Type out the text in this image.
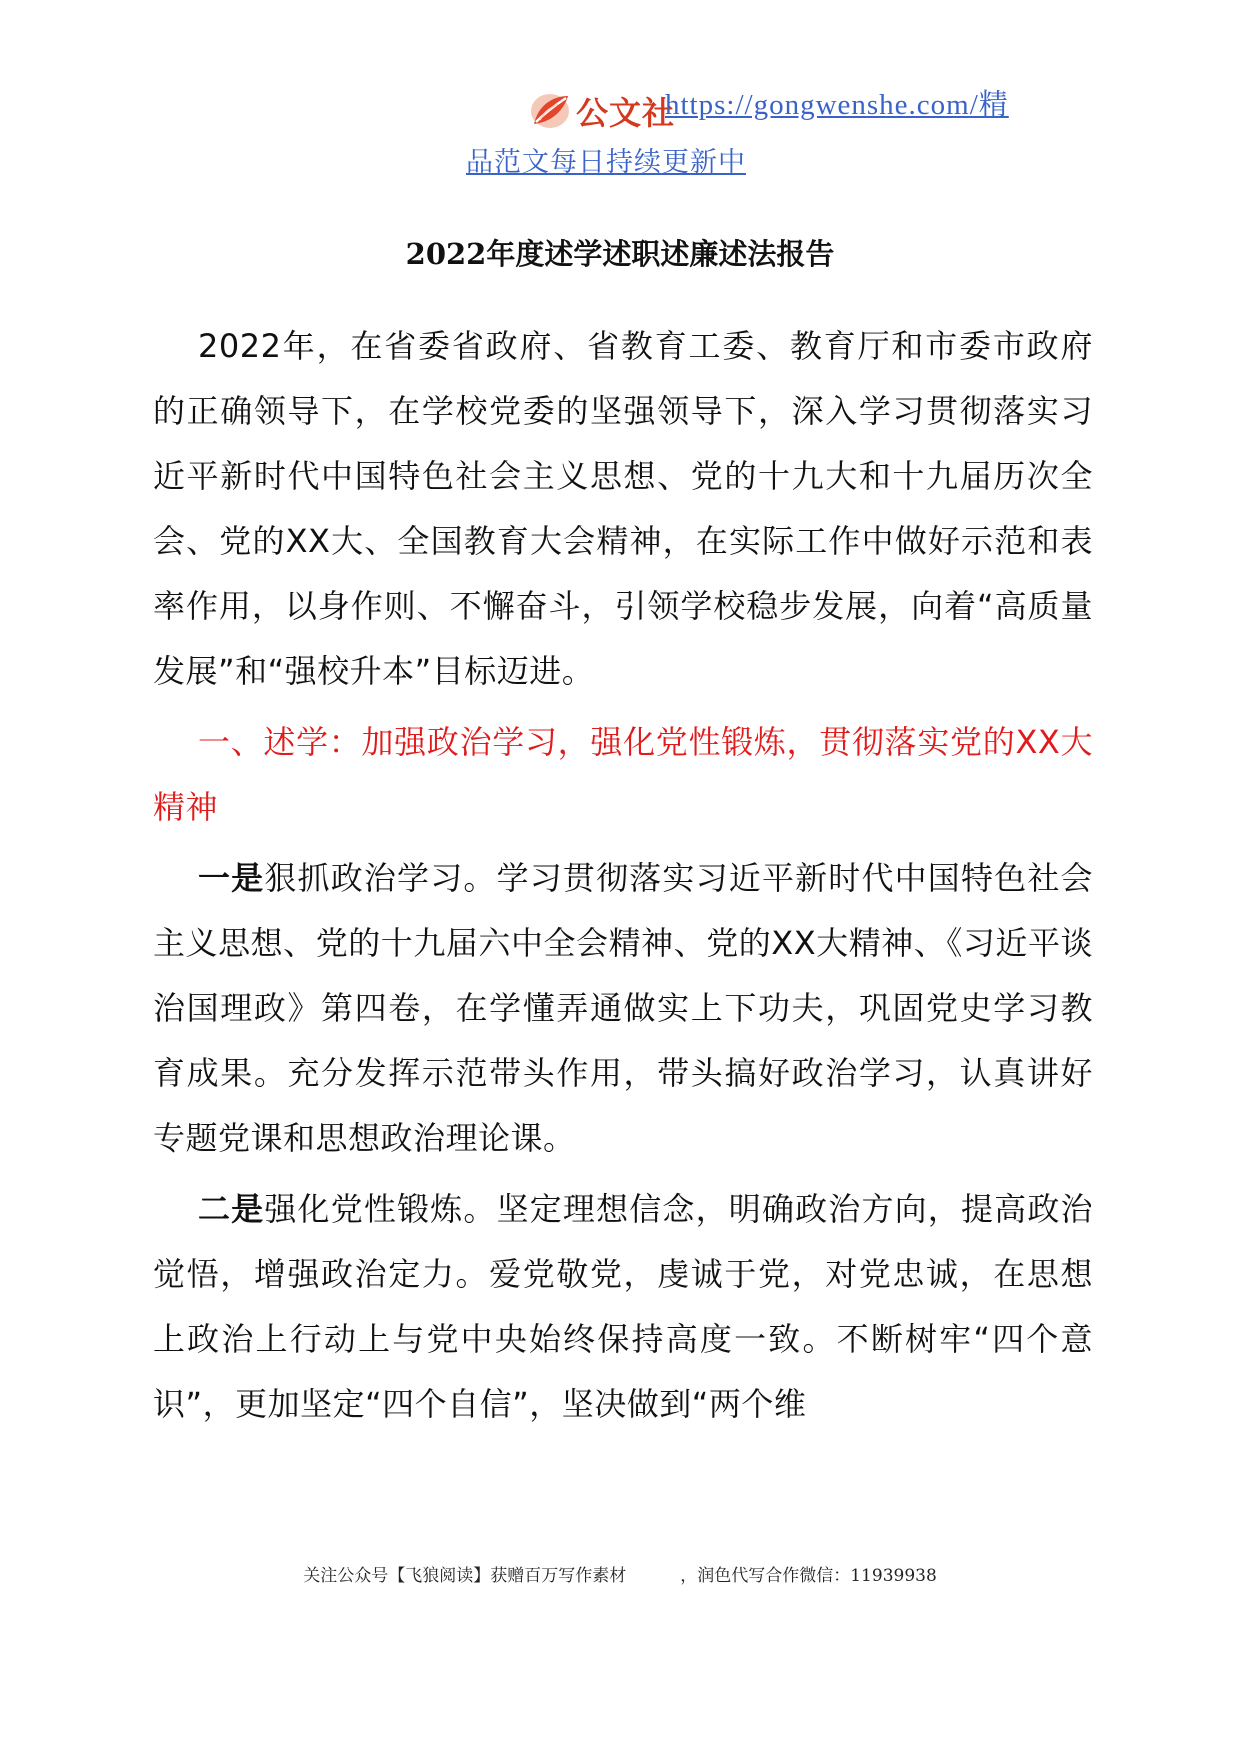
公文社
https://gongwenshe.com/精
品范文每日持续更新中
2022年度述学述职述廉述法报告

2022年，在省委省政府、省教育工委、教育厅和市委市政府的正确领导下，在学校党委的坚强领导下，深入学习贯彻落实习近平新时代中国特色社会主义思想、党的十九大和十九届历次全会、党的XX大、全国教育大会精神，在实际工作中做好示范和表率作用，以身作则、不懈奋斗，引领学校稳步发展，向着“高质量发展”和“强校升本”目标迈进。

一、述学：加强政治学习，强化党性锻炼，贯彻落实党的XX大精神

一是狠抓政治学习。学习贯彻落实习近平新时代中国特色社会主义思想、党的十九届六中全会精神、党的XX大精神、《习近平谈治国理政》第四卷，在学懂弄通做实上下功夫，巩固党史学习教育成果。充分发挥示范带头作用，带头搞好政治学习，认真讲好专题党课和思想政治理论课。

二是强化党性锻炼。坚定理想信念，明确政治方向，提高政治觉悟，增强政治定力。爱党敬党，虔诚于党，对党忠诚，在思想上政治上行动上与党中央始终保持高度一致。不断树牢“四个意识”，更加坚定“四个自信”，坚决做到“两个维

关注公众号【飞狼阅读】获赠百万写作素材          ，润色代写合作微信：11939938
